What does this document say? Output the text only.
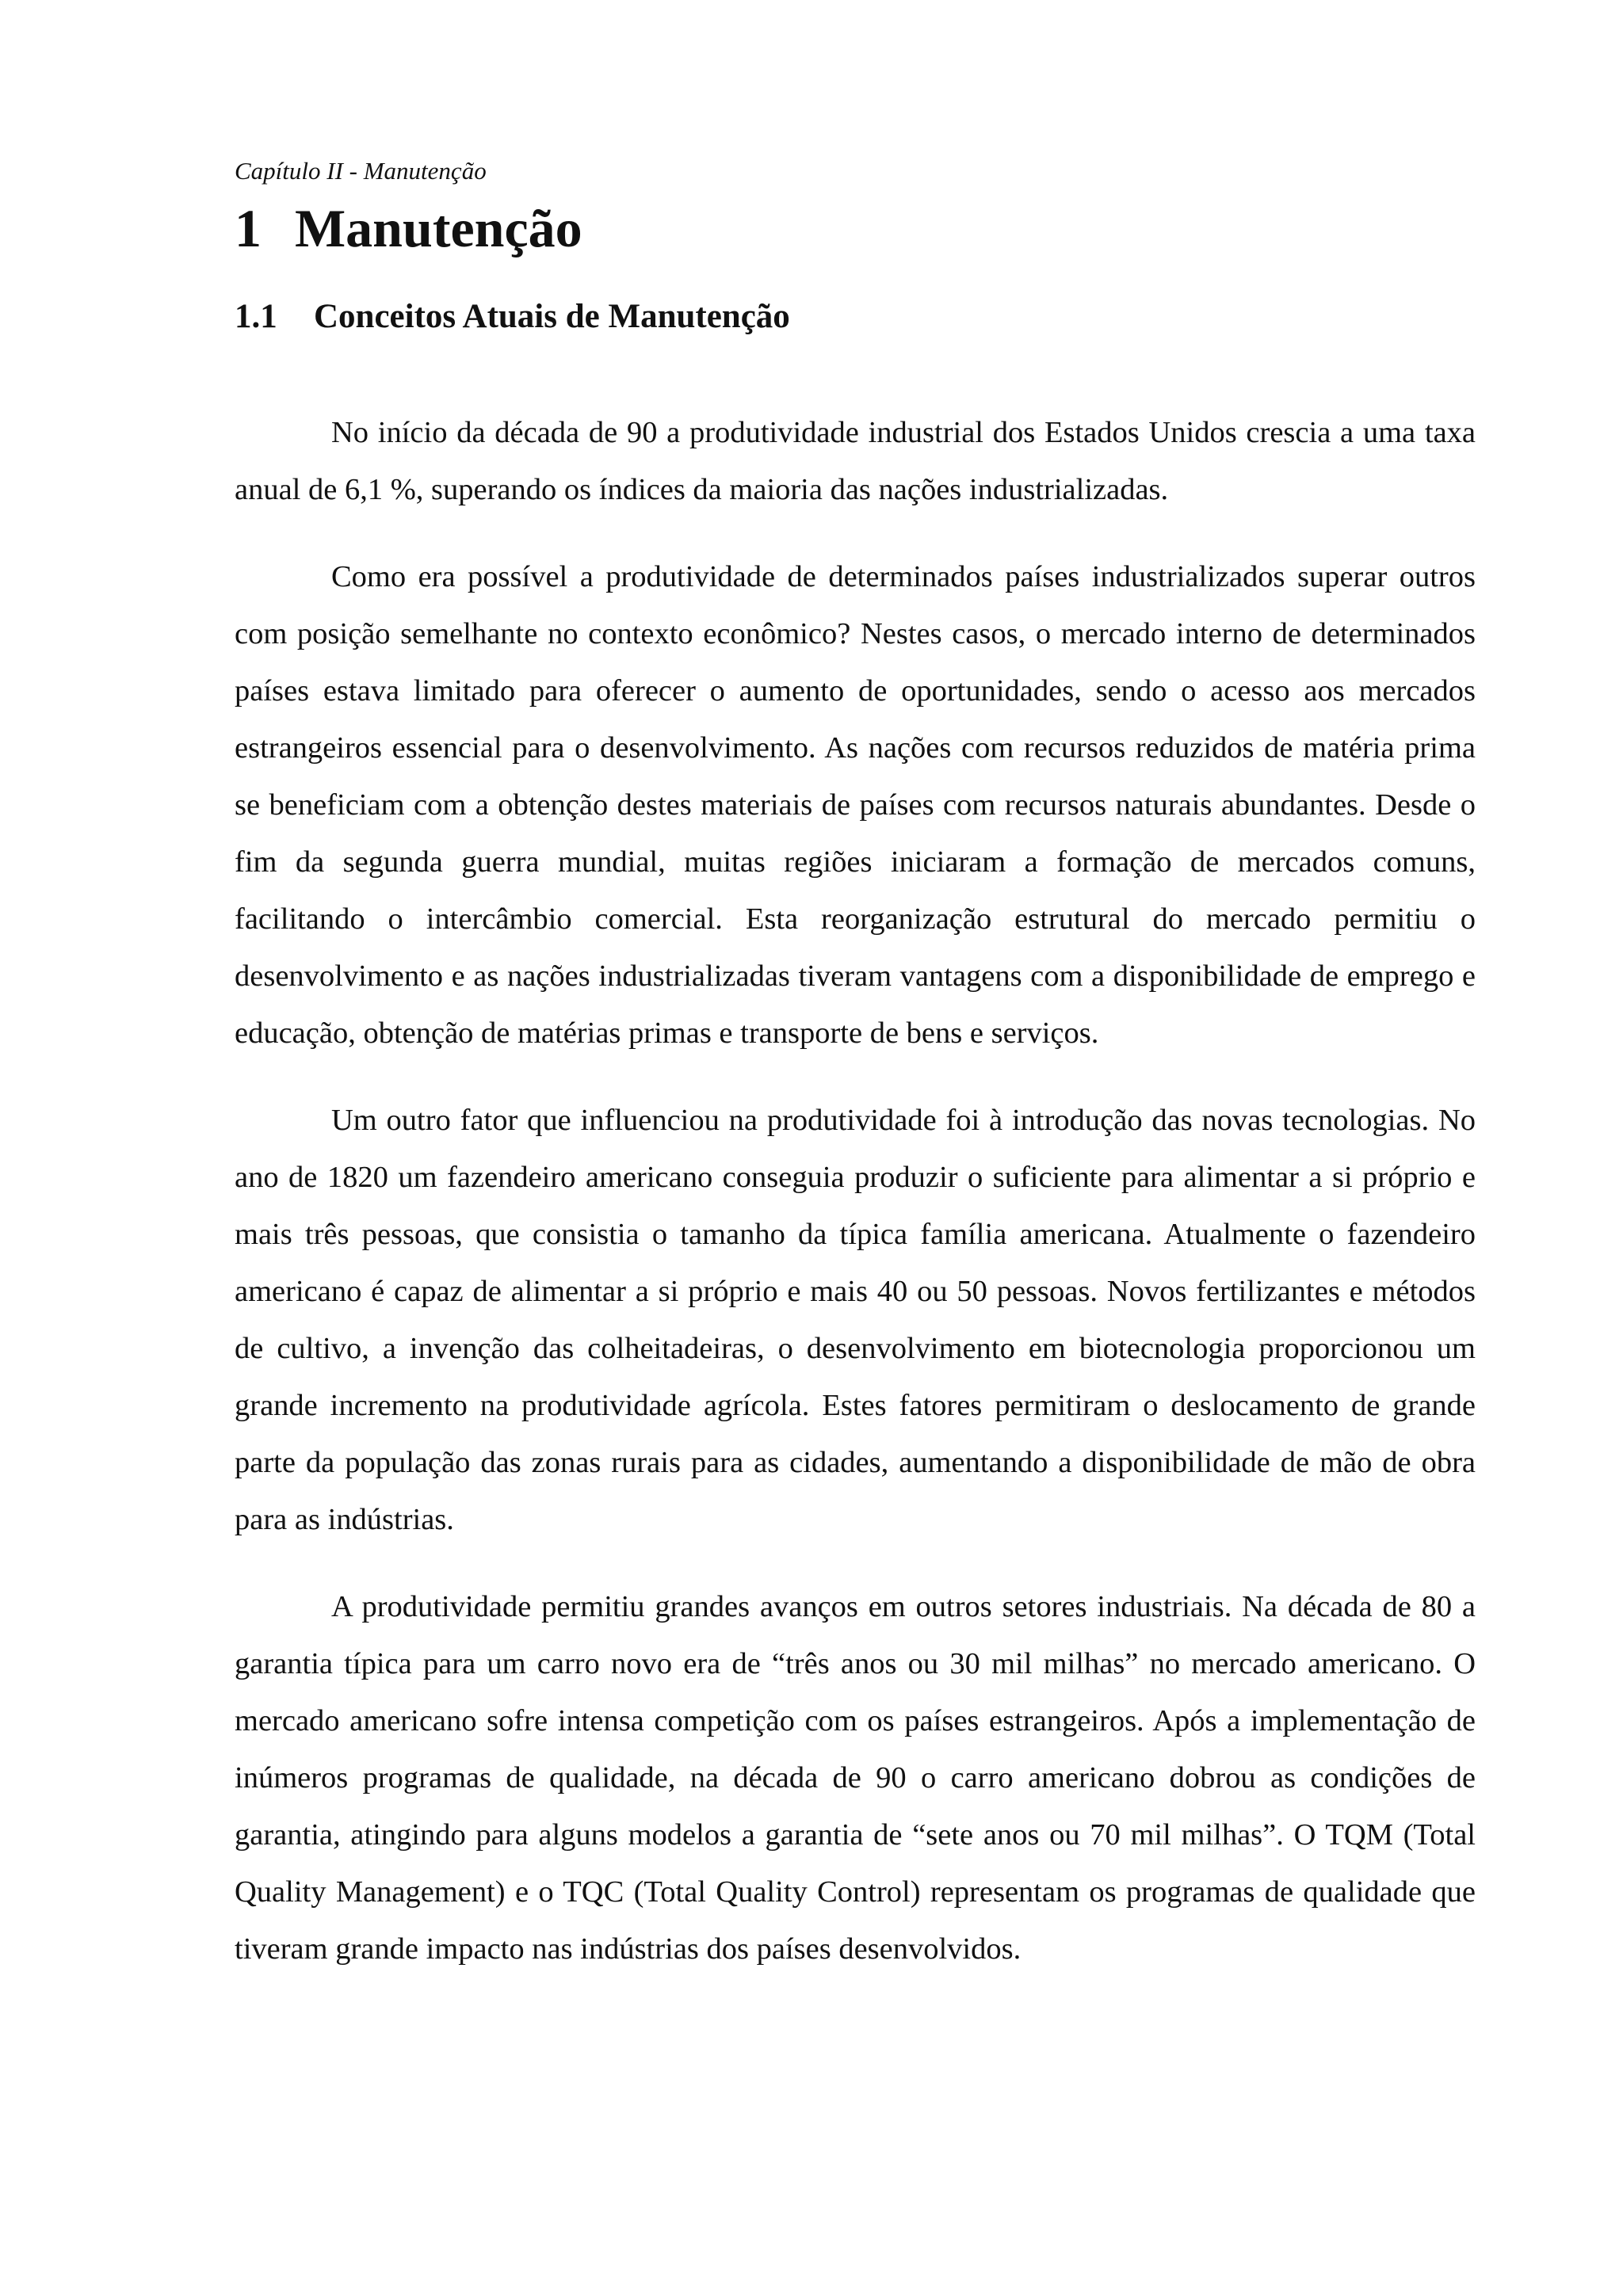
Capítulo II - Manutenção

1 Manutenção
1.1 Conceitos Atuais de Manutenção

No início da década de 90 a produtividade industrial dos Estados Unidos crescia a uma taxa anual de 6,1 %, superando os índices da maioria das nações industrializadas.

Como era possível a produtividade de determinados países industrializados superar outros com posição semelhante no contexto econômico? Nestes casos, o mercado interno de determinados países estava limitado para oferecer o aumento de oportunidades, sendo o acesso aos mercados estrangeiros essencial para o desenvolvimento. As nações com recursos reduzidos de matéria prima se beneficiam com a obtenção destes materiais de países com recursos naturais abundantes. Desde o fim da segunda guerra mundial, muitas regiões iniciaram a formação de mercados comuns, facilitando o intercâmbio comercial. Esta reorganização estrutural do mercado permitiu o desenvolvimento e as nações industrializadas tiveram vantagens com a disponibilidade de emprego e educação, obtenção de matérias primas e transporte de bens e serviços.

Um outro fator que influenciou na produtividade foi à introdução das novas tecnologias. No ano de 1820 um fazendeiro americano conseguia produzir o suficiente para alimentar a si próprio e mais três pessoas, que consistia o tamanho da típica família americana. Atualmente o fazendeiro americano é capaz de alimentar a si próprio e mais 40 ou 50 pessoas. Novos fertilizantes e métodos de cultivo, a invenção das colheitadeiras, o desenvolvimento em biotecnologia proporcionou um grande incremento na produtividade agrícola. Estes fatores permitiram o deslocamento de grande parte da população das zonas rurais para as cidades, aumentando a disponibilidade de mão de obra para as indústrias.

A produtividade permitiu grandes avanços em outros setores industriais. Na década de 80 a garantia típica para um carro novo era de “três anos ou 30 mil milhas” no mercado americano. O mercado americano sofre intensa competição com os países estrangeiros. Após a implementação de inúmeros programas de qualidade, na década de 90 o carro americano dobrou as condições de garantia, atingindo para alguns modelos a garantia de “sete anos ou 70 mil milhas”. O TQM (Total Quality Management) e o TQC (Total Quality Control) representam os programas de qualidade que tiveram grande impacto nas indústrias dos países desenvolvidos.
